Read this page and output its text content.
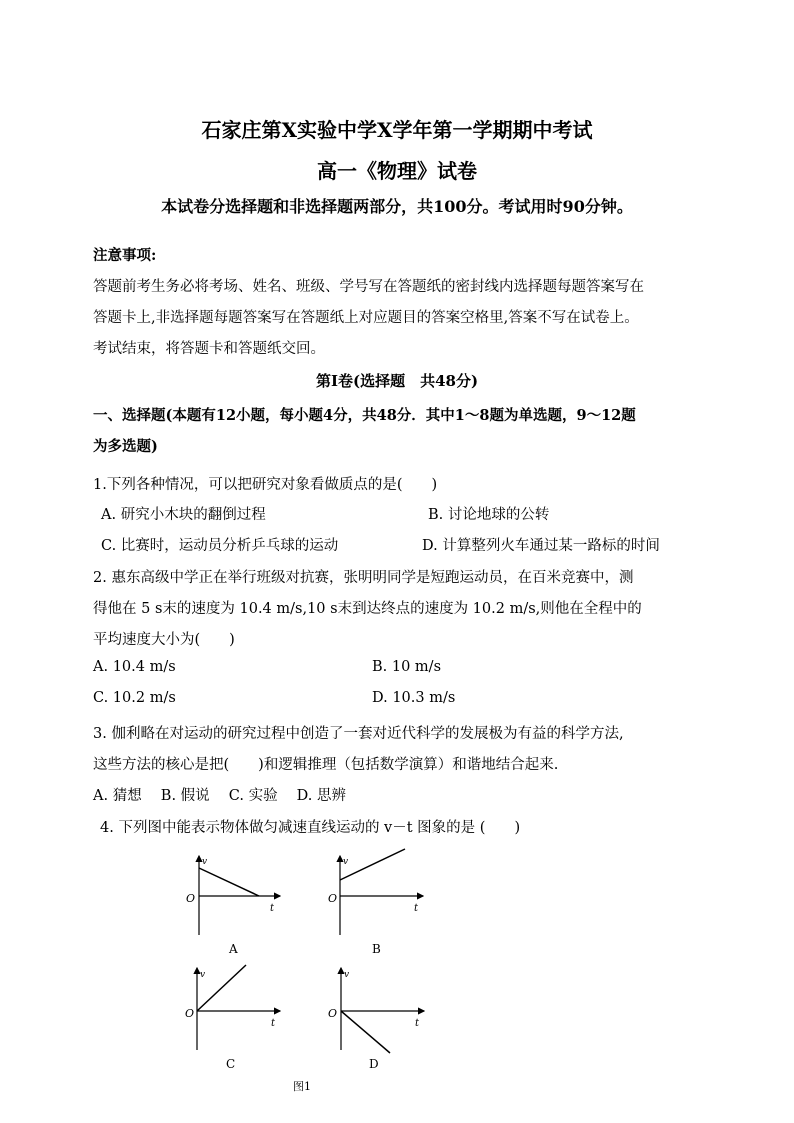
石家庄第Ⅹ实验中学Ⅹ学年第一学期期中考试
高一《物理》试卷
本试卷分选择题和非选择题两部分，共100分。考试用时90分钟。
注意事项:
答题前考生务必将考场、姓名、班级、学号写在答题纸的密封线内选择题每题答案写在
答题卡上,非选择题每题答案写在答题纸上对应题目的答案空格里,答案不写在试卷上。
考试结束，将答题卡和答题纸交回。
第Ⅰ卷(选择题　共48分)
一、选择题(本题有12小题，每小题4分，共48分．其中1～8题为单选题，9～12题
为多选题)
1.下列各种情况，可以把研究对象看做质点的是(　　)
A. 研究小木块的翻倒过程	B. 讨论地球的公转
C. 比赛时，运动员分析乒乓球的运动	D. 计算整列火车通过某一路标的时间
2. 惠东高级中学正在举行班级对抗赛，张明明同学是短跑运动员，在百米竞赛中，测
得他在 5 s末的速度为 10.4 m/s,10 s末到达终点的速度为 10.2 m/s,则他在全程中的
平均速度大小为(　　)
A. 10.4 m/s	B. 10 m/s
C. 10.2 m/s	D. 10.3 m/s
3. 伽利略在对运动的研究过程中创造了一套对近代科学的发展极为有益的科学方法,
这些方法的核心是把(　　)和逻辑推理（包括数学演算）和谐地结合起来.
A. 猜想　 B. 假说　 C. 实验　 D. 思辨
4. 下列图中能表示物体做匀减速直线运动的 v－t 图象的是 (　　)
v
O
t
A
v
O
t
B
v
O
t
C
v
O
t
D
图1
